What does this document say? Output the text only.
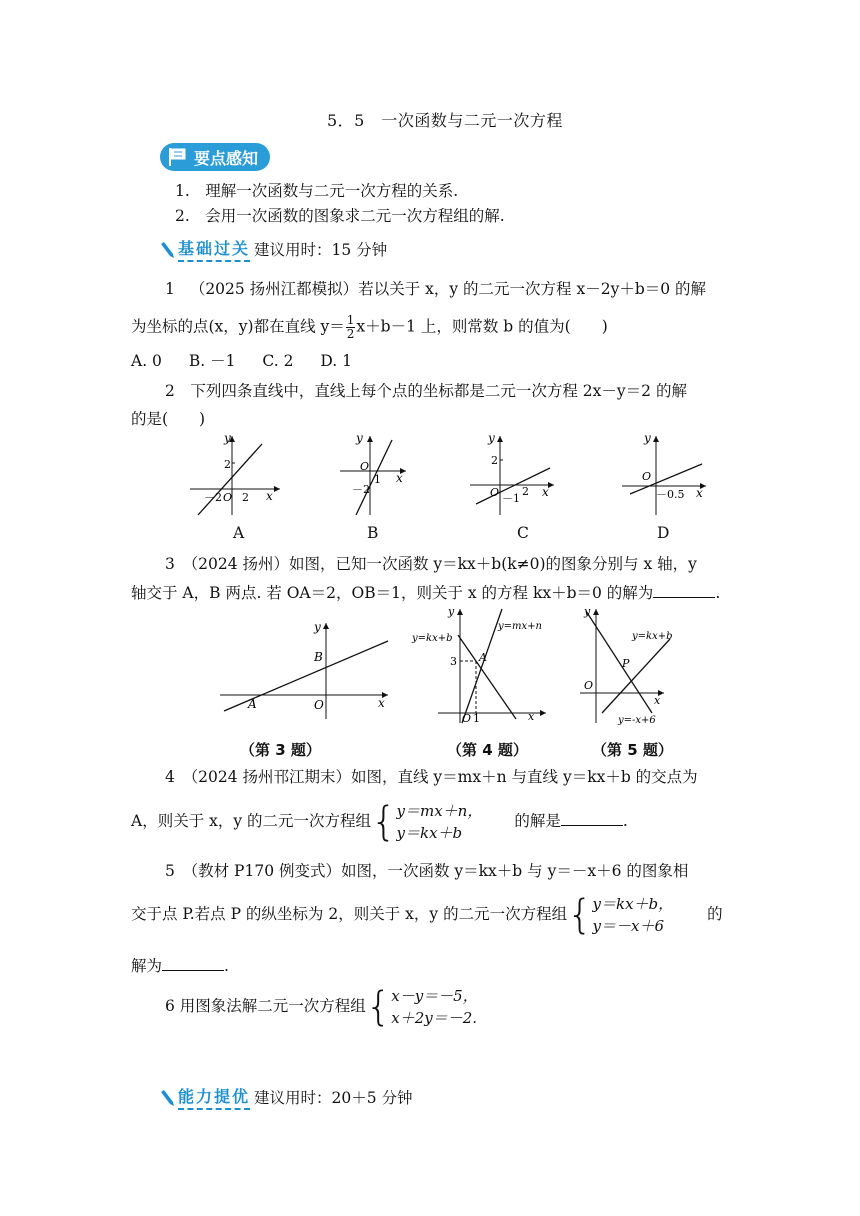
5．5　一次函数与二元一次方程
要点感知
1.　理解一次函数与二元一次方程的关系.
2.　会用一次函数的图象求二元一次方程组的解.
基础过关 建议用时：15 分钟
1 （2025 扬州江都模拟）若以关于 x，y 的二元一次方程 x－2y＋b＝0 的解
为坐标的点(x，y)都在直线 $y= \frac{1}{2} x+b-1$ 上，则常数 b 的值为(　　)
A. 0 B. －1 C. 2 D. 1
2　下列四条直线中，直线上每个点的坐标都是二元一次方程 2x－y＝2 的解
的是(　　)
y
x
2
－2 O 2
y
x
O
1
－2
y
x
2
O 2
－1
y
x
O
－0.5
A	B	C	D
3　（2024 扬州）如图，已知一次函数 y＝kx＋b(k≠0)的图象分别与 x 轴，y
轴交于 A，B 两点. 若 OA＝2，OB＝1，则关于 x 的方程 kx＋b＝0 的解为	.
y
x
B
A	O
y
x
y=kx+b
y=mx+n
3 A
O 1
y
x
y=kx+b
P
O
y=-x+6
（第 3 题）	（第 4 题）	（第 5 题）
4　（2024 扬州邗江期末）如图，直线 y＝mx＋n 与直线 y＝kx＋b 的交点为
A，则关于 x，y 的二元一次方程组{ y＝mx＋n，
y＝kx＋b
的解是	.
5　（教材 P170 例变式）如图，一次函数 y＝kx＋b 与 y＝－x＋6 的图象相
交于点 P.若点 P 的纵坐标为 2，则关于 x，y 的二元一次方程组{ y＝kx＋b，
y＝－x＋6
的
解为	.
6 用图象法解二元一次方程组{ x－y＝－5，
x＋2y＝－2.
能力提优 建议用时：20＋5 分钟
